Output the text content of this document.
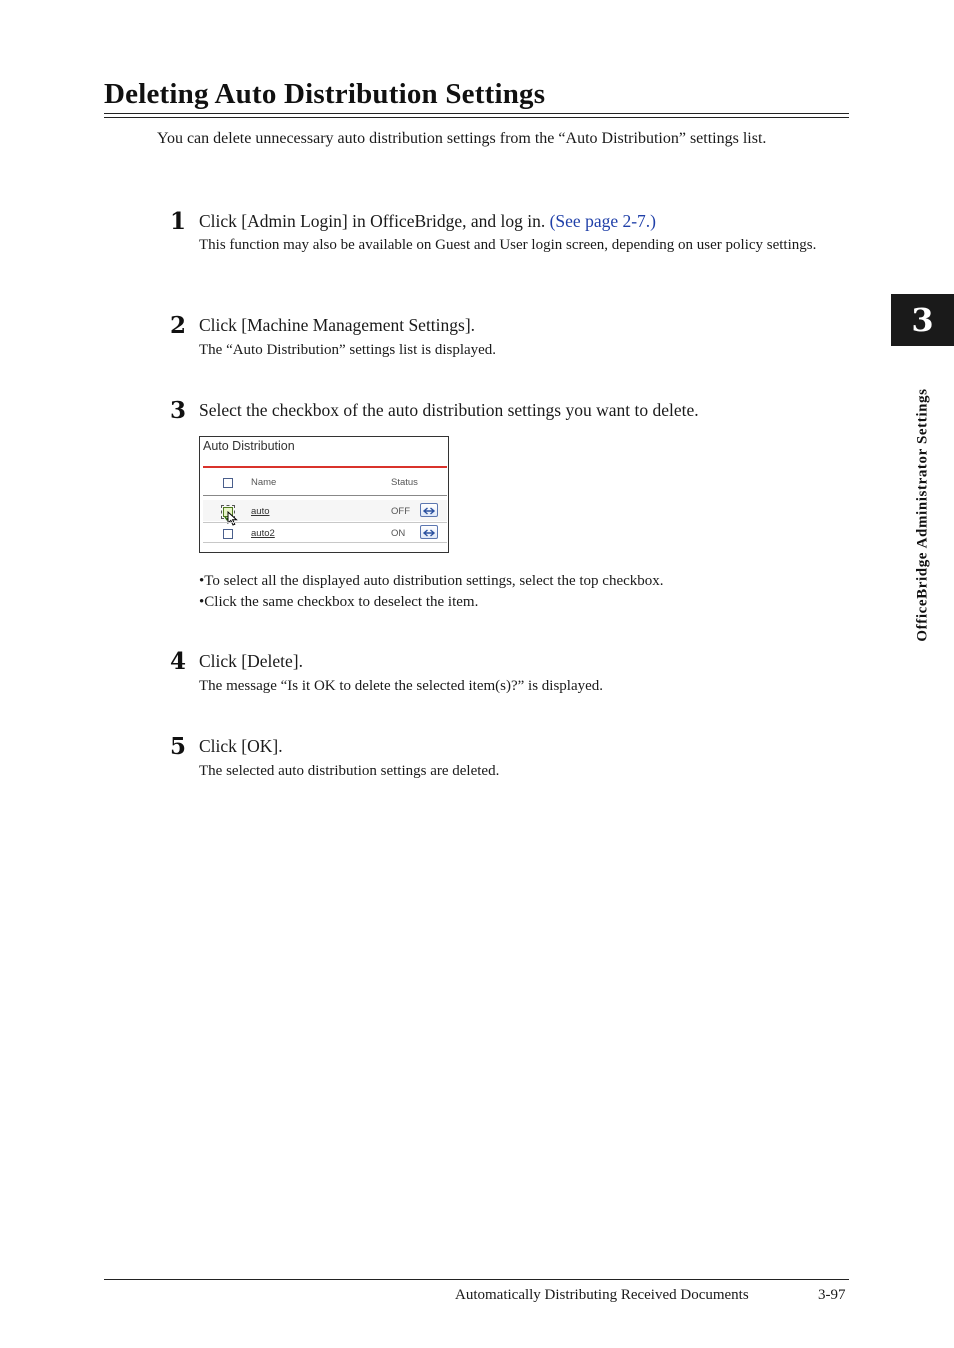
Deleting Auto Distribution Settings

You can delete unnecessary auto distribution settings from the “Auto Distribution” settings list.

1 Click [Admin Login] in OfficeBridge, and log in. (See page 2-7.)
This function may also be available on Guest and User login screen, depending on user policy settings.
2 Click [Machine Management Settings].
The “Auto Distribution” settings list is displayed.
3 Select the checkbox of the auto distribution settings you want to delete.
Auto Distribution
Name	Status
auto	OFF
auto2	ON
•To select all the displayed auto distribution settings, select the top checkbox.
•Click the same checkbox to deselect the item.
4 Click [Delete].
The message “Is it OK to delete the selected item(s)?” is displayed.
5 Click [OK].
The selected auto distribution settings are deleted.
3
OfficeBridge Administrator Settings
Automatically Distributing Received Documents	3-97
